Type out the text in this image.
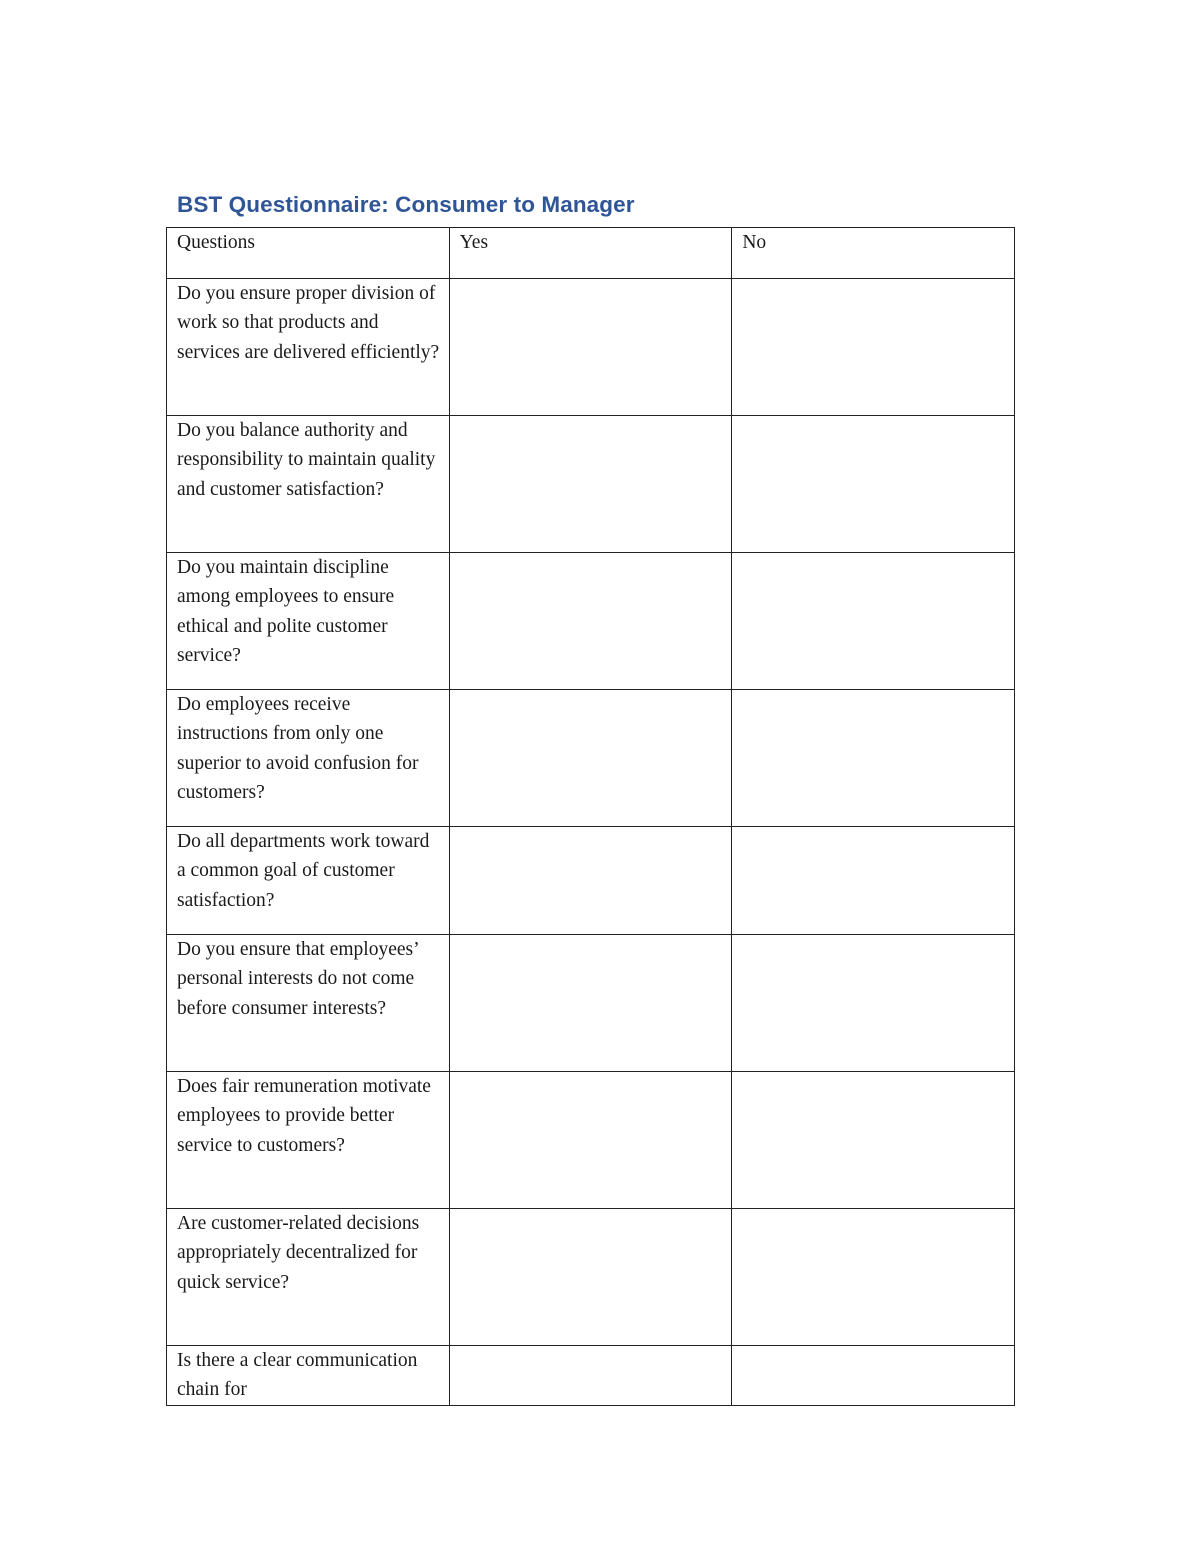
BST Questionnaire: Consumer to Manager
Questions	Yes	No

Do you ensure proper division of work so that products and services are delivered efficiently?		

Do you balance authority and responsibility to maintain quality and customer satisfaction?		

Do you maintain discipline among employees to ensure ethical and polite customer service?		

Do employees receive instructions from only one superior to avoid confusion for customers?		

Do all departments work toward a common goal of customer satisfaction?		

Do you ensure that employees’ personal interests do not come before consumer interests?		

Does fair remuneration motivate employees to provide better service to customers?		

Are customer-related decisions appropriately decentralized for quick service?		

Is there a clear communication chain for		
